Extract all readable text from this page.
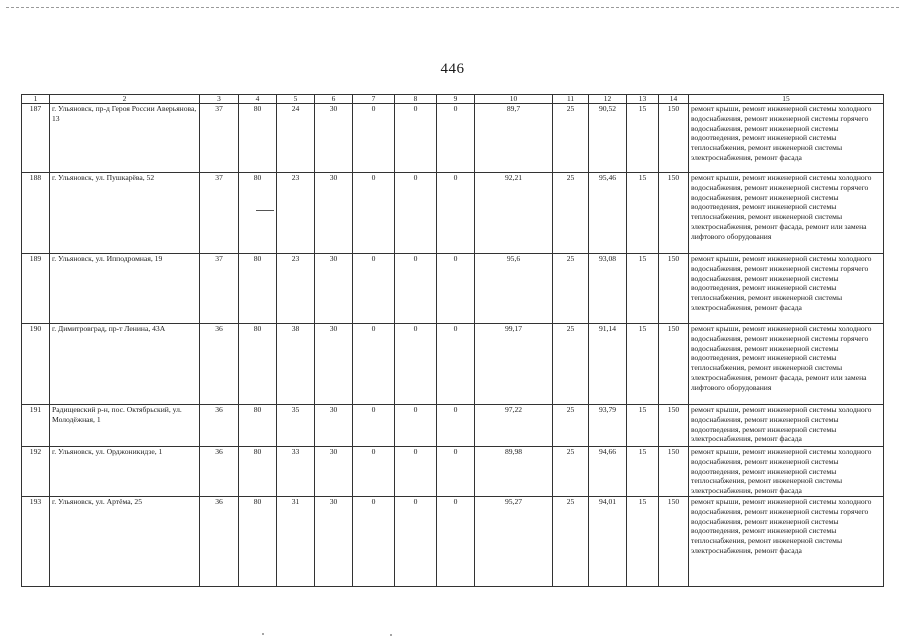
446
1	2	3	4	5	6	7	8	9	10	11	12	13	14	15
187	г. Ульяновск, пр-д Героя России Аверьянова, 13	37	80	24	30	0	0	0	89,7	25	90,52	15	150	ремонт крыши, ремонт инженерной системы холодного водоснабжения, ремонт инженерной системы горячего водоснабжения, ремонт инженерной системы водоотведения, ремонт инженерной системы теплоснабжения, ремонт инженерной системы электроснабжения, ремонт фасада
188	г. Ульяновск, ул. Пушкарёва, 52	37	80	23	30	0	0	0	92,21	25	95,46	15	150	ремонт крыши, ремонт инженерной системы холодного водоснабжения, ремонт инженерной системы горячего водоснабжения, ремонт инженерной системы водоотведения, ремонт инженерной системы теплоснабжения, ремонт инженерной системы электроснабжения, ремонт фасада, ремонт или замена лифтового оборудования
189	г. Ульяновск, ул. Ипподромная, 19	37	80	23	30	0	0	0	95,6	25	93,08	15	150	ремонт крыши, ремонт инженерной системы холодного водоснабжения, ремонт инженерной системы горячего водоснабжения, ремонт инженерной системы водоотведения, ремонт инженерной системы теплоснабжения, ремонт инженерной системы электроснабжения, ремонт фасада
190	г. Димитровград, пр-т Ленина, 43А	36	80	38	30	0	0	0	99,17	25	91,14	15	150	ремонт крыши, ремонт инженерной системы холодного водоснабжения, ремонт инженерной системы горячего водоснабжения, ремонт инженерной системы водоотведения, ремонт инженерной системы теплоснабжения, ремонт инженерной системы электроснабжения, ремонт фасада, ремонт или замена лифтового оборудования
191	Радищевский р-н, пос. Октябрьский, ул. Молодёжная, 1	36	80	35	30	0	0	0	97,22	25	93,79	15	150	ремонт крыши, ремонт инженерной системы холодного водоснабжения, ремонт инженерной системы водоотведения, ремонт инженерной системы электроснабжения, ремонт фасада
192	г. Ульяновск, ул. Орджоникидзе, 1	36	80	33	30	0	0	0	89,98	25	94,66	15	150	ремонт крыши, ремонт инженерной системы холодного водоснабжения, ремонт инженерной системы водоотведения, ремонт инженерной системы теплоснабжения, ремонт инженерной системы электроснабжения, ремонт фасада
193	г. Ульяновск, ул. Артёма, 25	36	80	31	30	0	0	0	95,27	25	94,01	15	150	ремонт крыши, ремонт инженерной системы холодного водоснабжения, ремонт инженерной системы горячего водоснабжения, ремонт инженерной системы водоотведения, ремонт инженерной системы теплоснабжения, ремонт инженерной системы электроснабжения, ремонт фасада
